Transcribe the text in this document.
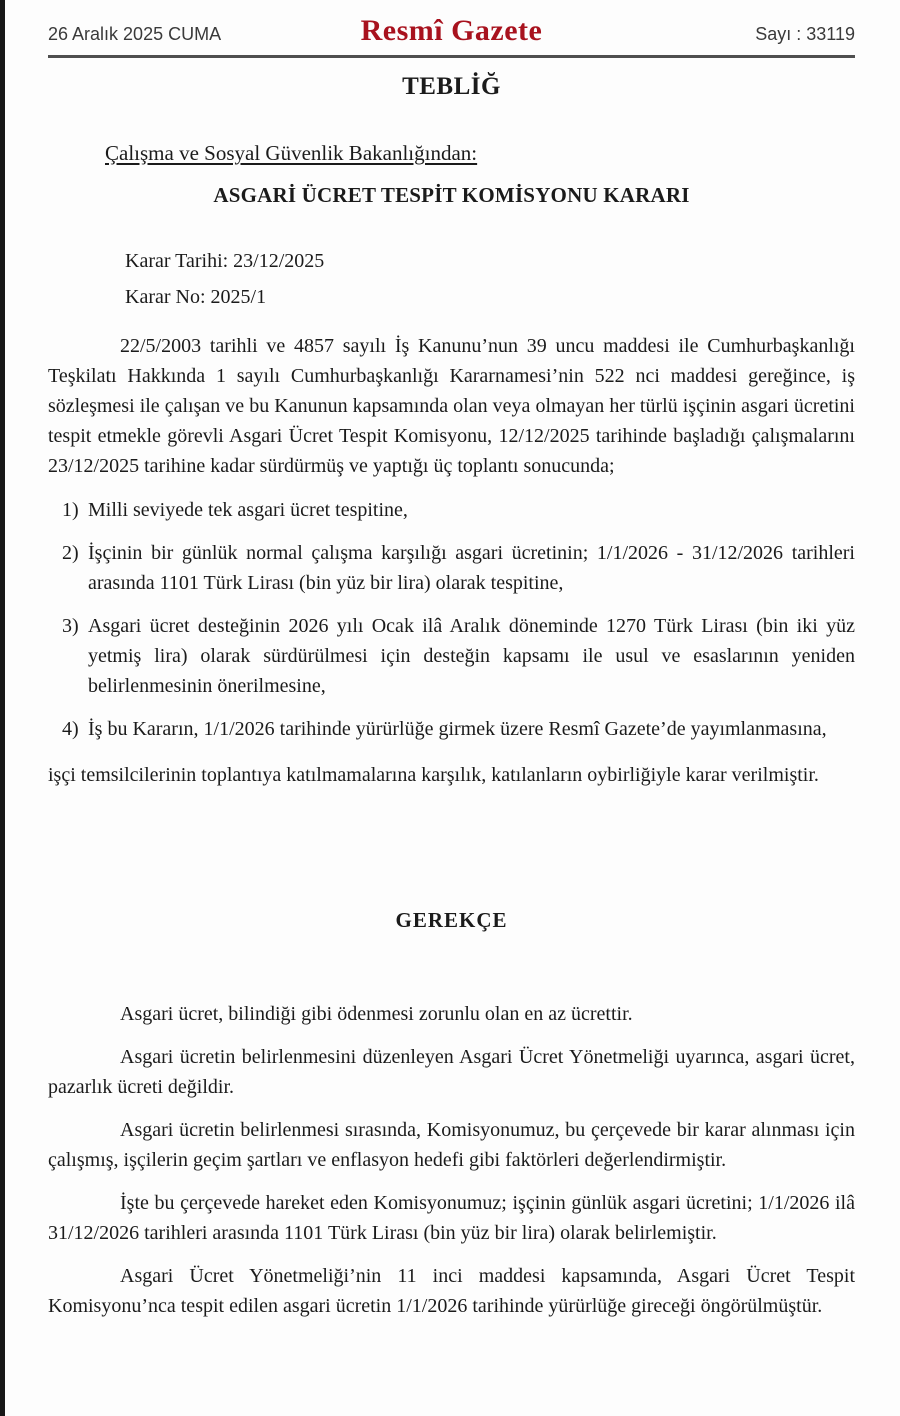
26 Aralık 2025 CUMA	Resmî Gazete	Sayı : 33119
TEBLİĞ
Çalışma ve Sosyal Güvenlik Bakanlığından:
ASGARİ ÜCRET TESPİT KOMİSYONU KARARI
Karar Tarihi: 23/12/2025
Karar No: 2025/1

22/5/2003 tarihli ve 4857 sayılı İş Kanunu’nun 39 uncu maddesi ile Cumhurbaşkanlığı Teşkilatı Hakkında 1 sayılı Cumhurbaşkanlığı Kararnamesi’nin 522 nci maddesi gereğince, iş sözleşmesi ile çalışan ve bu Kanunun kapsamında olan veya olmayan her türlü işçinin asgari ücretini tespit etmekle görevli Asgari Ücret Tespit Komisyonu, 12/12/2025 tarihinde başladığı çalışmalarını 23/12/2025 tarihine kadar sürdürmüş ve yaptığı üç toplantı sonucunda;

1) Milli seviyede tek asgari ücret tespitine,
2) İşçinin bir günlük normal çalışma karşılığı asgari ücretinin; 1/1/2026 - 31/12/2026 tarihleri arasında 1101 Türk Lirası (bin yüz bir lira) olarak tespitine,
3) Asgari ücret desteğinin 2026 yılı Ocak ilâ Aralık döneminde 1270 Türk Lirası (bin iki yüz yetmiş lira) olarak sürdürülmesi için desteğin kapsamı ile usul ve esaslarının yeniden belirlenmesinin önerilmesine,
4) İş bu Kararın, 1/1/2026 tarihinde yürürlüğe girmek üzere Resmî Gazete’de yayımlanmasına,

işçi temsilcilerinin toplantıya katılmamalarına karşılık, katılanların oybirliğiyle karar verilmiştir.

GEREKÇE

Asgari ücret, bilindiği gibi ödenmesi zorunlu olan en az ücrettir.

Asgari ücretin belirlenmesini düzenleyen Asgari Ücret Yönetmeliği uyarınca, asgari ücret, pazarlık ücreti değildir.

Asgari ücretin belirlenmesi sırasında, Komisyonumuz, bu çerçevede bir karar alınması için çalışmış, işçilerin geçim şartları ve enflasyon hedefi gibi faktörleri değerlendirmiştir.

İşte bu çerçevede hareket eden Komisyonumuz; işçinin günlük asgari ücretini; 1/1/2026 ilâ 31/12/2026 tarihleri arasında 1101 Türk Lirası (bin yüz bir lira) olarak belirlemiştir.

Asgari Ücret Yönetmeliği’nin 11 inci maddesi kapsamında, Asgari Ücret Tespit Komisyonu’nca tespit edilen asgari ücretin 1/1/2026 tarihinde yürürlüğe gireceği öngörülmüştür.
